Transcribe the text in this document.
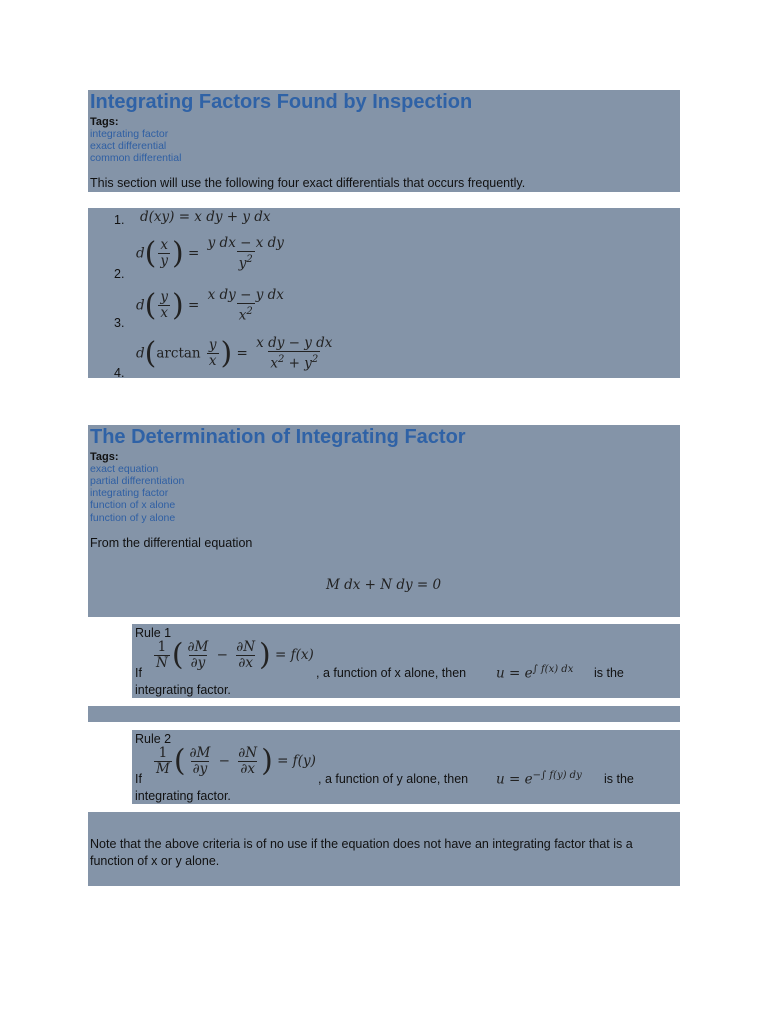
Integrating Factors Found by Inspection
Tags:
integrating factor
exact differential
common differential
This section will use the following four exact differentials that occurs frequently.
1. d(xy) = x dy + y dx
2.
$d( \frac{x}{y}$ ) = $\frac{\text{y dx − x dy}}{y^2}$
3.
$d( \frac{y}{x}$ ) = $\frac{\text{x dy − y dx}}{x^2}$
4.
$d(\arctan \frac{y}{x}$ ) = $\frac{\text{x dy − y dx}}{x^2 + y^2}$
The Determination of Integrating Factor
Tags:
exact equation
partial differentiation
integrating factor
function of x alone
function of y alone
From the differential equation
M dx + N dy = 0
Rule 1
If
$\frac{1}{N}$ ( $\frac{\partial M}{\partial y} - \frac{\partial N}{\partial x}$ ) = f(x)
, a function of x alone, then $u = e^{\int f(x) dx}$ is the
integrating factor.
Rule 2
If
$\frac{1}{M}$ ( $\frac{\partial M}{\partial y} - \frac{\partial N}{\partial x}$ ) = f(y)
, a function of y alone, then $u = e^{-\int f(y) dy}$ is the
integrating factor.
Note that the above criteria is of no use if the equation does not have an integrating factor that is a
function of x or y alone.
